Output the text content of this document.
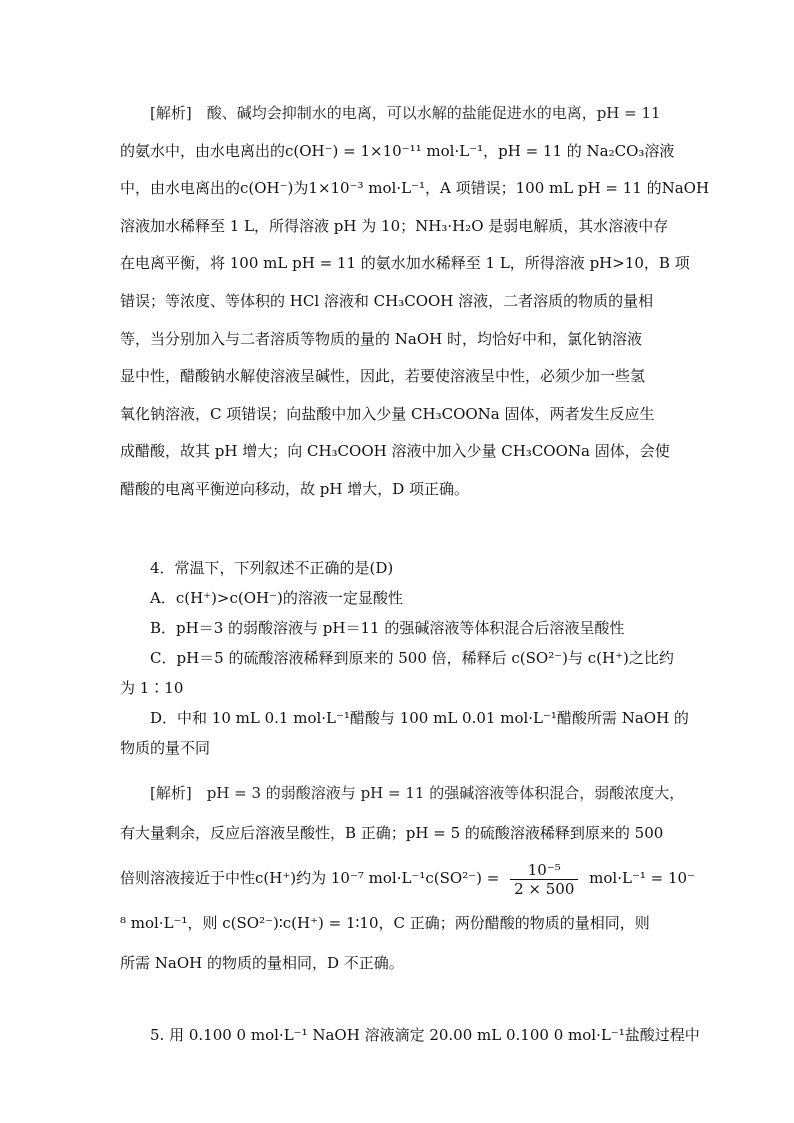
[解析]　酸、碱均会抑制水的电离，可以水解的盐能促进水的电离，pH = 11
的氨水中，由水电离出的c(OH⁻) = 1×10⁻¹¹ mol·L⁻¹，pH = 11 的 Na₂CO₃溶液
中，由水电离出的c(OH⁻)为1×10⁻³ mol·L⁻¹，A 项错误；100 mL pH = 11 的NaOH
溶液加水稀释至 1 L，所得溶液 pH 为 10；NH₃·H₂O 是弱电解质，其水溶液中存
在电离平衡，将 100 mL pH = 11 的氨水加水稀释至 1 L，所得溶液 pH>10，B 项
错误；等浓度、等体积的 HCl 溶液和 CH₃COOH 溶液，二者溶质的物质的量相
等，当分别加入与二者溶质等物质的量的 NaOH 时，均恰好中和，氯化钠溶液
显中性，醋酸钠水解使溶液呈碱性，因此，若要使溶液呈中性，必须少加一些氢
氧化钠溶液，C 项错误；向盐酸中加入少量 CH₃COONa 固体，两者发生反应生
成醋酸，故其 pH 增大；向 CH₃COOH 溶液中加入少量 CH₃COONa 固体，会使
醋酸的电离平衡逆向移动，故 pH 增大，D 项正确。
4．常温下，下列叙述不正确的是(D)
A．c(H⁺)>c(OH⁻)的溶液一定显酸性
B．pH＝3 的弱酸溶液与 pH＝11 的强碱溶液等体积混合后溶液呈酸性
C．pH＝5 的硫酸溶液稀释到原来的 500 倍，稀释后 c(SO²⁻)与 c(H⁺)之比约
为 1∶10
D．中和 10 mL 0.1 mol·L⁻¹醋酸与 100 mL 0.01 mol·L⁻¹醋酸所需 NaOH 的
物质的量不同
[解析]　pH = 3 的弱酸溶液与 pH = 11 的强碱溶液等体积混合，弱酸浓度大，
有大量剩余，反应后溶液呈酸性，B 正确；pH = 5 的硫酸溶液稀释到原来的 500
倍则溶液接近于中性c(H⁺)约为 10⁻⁷ $mol\cdot L^{-1}c(SO^{2-}) = \frac{\text{10⁻⁵}}{2 \times 500} mol\cdot L^{-1} = 10^-$
⁸ mol·L⁻¹，则 c(SO²⁻)∶c(H⁺) = 1∶10，C 正确；两份醋酸的物质的量相同，则
所需 NaOH 的物质的量相同，D 不正确。
5. 用 0.100 0 mol·L⁻¹ NaOH 溶液滴定 20.00 mL 0.100 0 mol·L⁻¹盐酸过程中
